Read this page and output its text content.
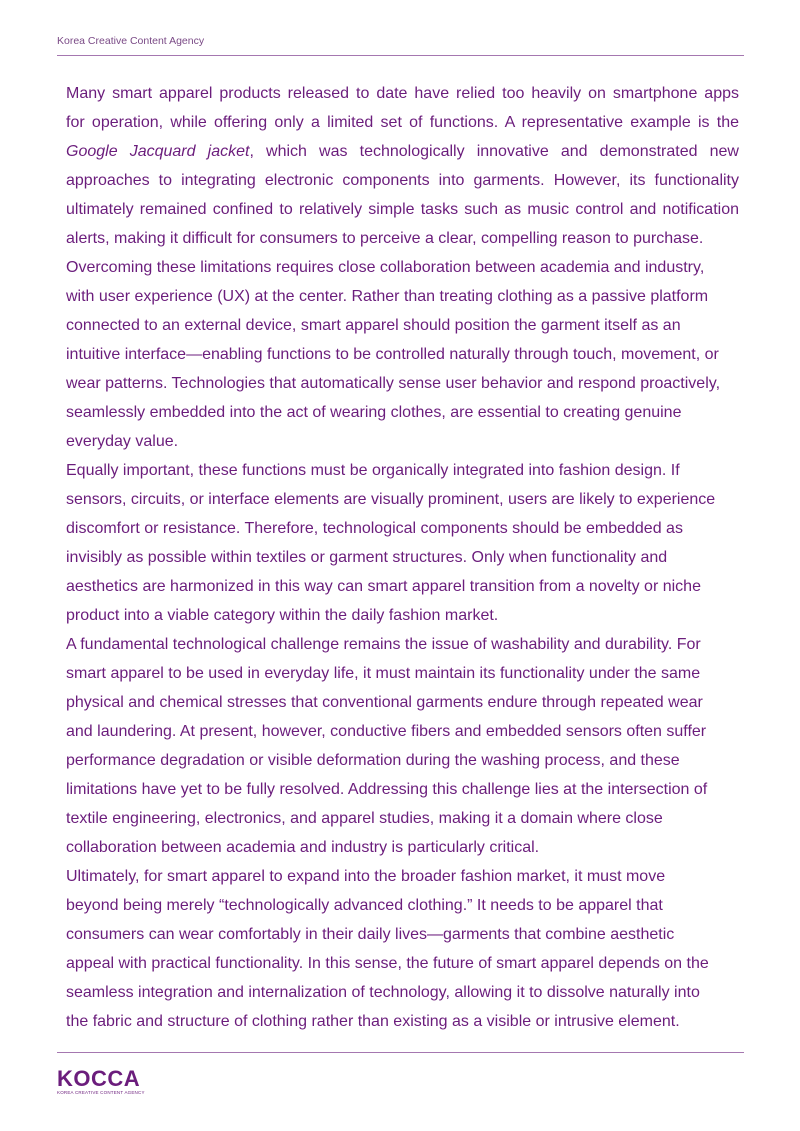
Korea Creative Content Agency
Many smart apparel products released to date have relied too heavily on smartphone apps
for operation, while offering only a limited set of functions. A representative example is the
Google Jacquard jacket, which was technologically innovative and demonstrated new
approaches to integrating electronic components into garments. However, its functionality
ultimately remained confined to relatively simple tasks such as music control and notification
alerts, making it difficult for consumers to perceive a clear, compelling reason to purchase.
Overcoming these limitations requires close collaboration between academia and industry,
with user experience (UX) at the center. Rather than treating clothing as a passive platform
connected to an external device, smart apparel should position the garment itself as an
intuitive interface—enabling functions to be controlled naturally through touch, movement, or
wear patterns. Technologies that automatically sense user behavior and respond proactively,
seamlessly embedded into the act of wearing clothes, are essential to creating genuine
everyday value.
Equally important, these functions must be organically integrated into fashion design. If
sensors, circuits, or interface elements are visually prominent, users are likely to experience
discomfort or resistance. Therefore, technological components should be embedded as
invisibly as possible within textiles or garment structures. Only when functionality and
aesthetics are harmonized in this way can smart apparel transition from a novelty or niche
product into a viable category within the daily fashion market.
A fundamental technological challenge remains the issue of washability and durability. For
smart apparel to be used in everyday life, it must maintain its functionality under the same
physical and chemical stresses that conventional garments endure through repeated wear
and laundering. At present, however, conductive fibers and embedded sensors often suffer
performance degradation or visible deformation during the washing process, and these
limitations have yet to be fully resolved. Addressing this challenge lies at the intersection of
textile engineering, electronics, and apparel studies, making it a domain where close
collaboration between academia and industry is particularly critical.
Ultimately, for smart apparel to expand into the broader fashion market, it must move
beyond being merely “technologically advanced clothing.” It needs to be apparel that
consumers can wear comfortably in their daily lives—garments that combine aesthetic
appeal with practical functionality. In this sense, the future of smart apparel depends on the
seamless integration and internalization of technology, allowing it to dissolve naturally into
the fabric and structure of clothing rather than existing as a visible or intrusive element.
KOCCA
KOREA CREATIVE CONTENT AGENCY
